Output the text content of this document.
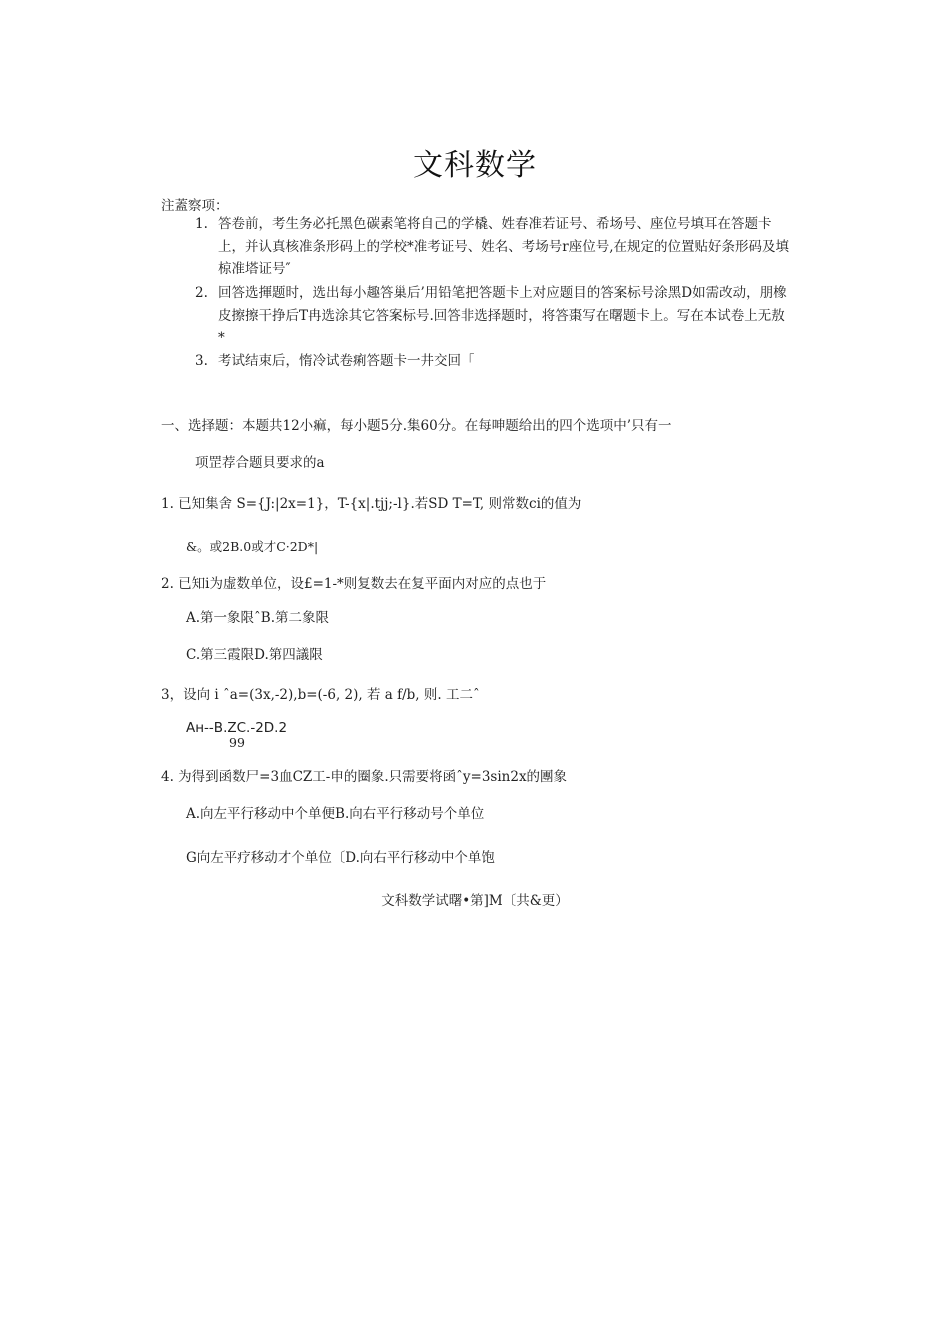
文科数学
注蓋察项：
1. 答卷前，考生务必托黑色碳素笔将自己的学橇、姓春准若证号、希场号、座位号填耳在答题卡上，并认真核准条形码上的学校*准考证号、姓名、考场号r座位号,在规定的位置贴好条形码及填椋准塔证号″
2. 回答选揮题时，选出每小趣答巢后’用铅笔把答题卡上对应题目的答案标号涂黑D如需改动，朋橡皮擦擦干挣后T冉选涂其它答案标号.回答非选择题时，将答棗写在曙题卡上。写在本试卷上无敖*
3. 考试结束后，惰冷试卷痢答题卡一井交回「
一、选择题：本题共12小痲，每小题5分.集60分。在每呻题给出的四个选项中’只有一
项罡荐合题貝要求的a
1. 已知集舍 S={J:|2x=1}，T-{x|.tjj;-l}.若SD T=T, 则常数ci的值为
&。或2B.0或才C·2D*|
2. 已知i为虚数单位，设£=1-*则复数去在复平面内对应的点也于
A.第一象限ˆB.第二象限
C.第三霞限D.第四議限
3，设向 i ˆa=(3x,-2),b=(-6, 2), 若 a f/b, 则. 工二ˆ
Aн--B.ZC.-2D.2
99
4. 为得到函数尸=3血CZ工-申的圈象.只需要将函ˆy=3sin2x的團象
A.向左平行移动中个单便B.向右平行移动号个单位
G向左平疗移动才个单位〔D.向右平行移动中个单饱
文科数学试曙•第]M〔共&更）
